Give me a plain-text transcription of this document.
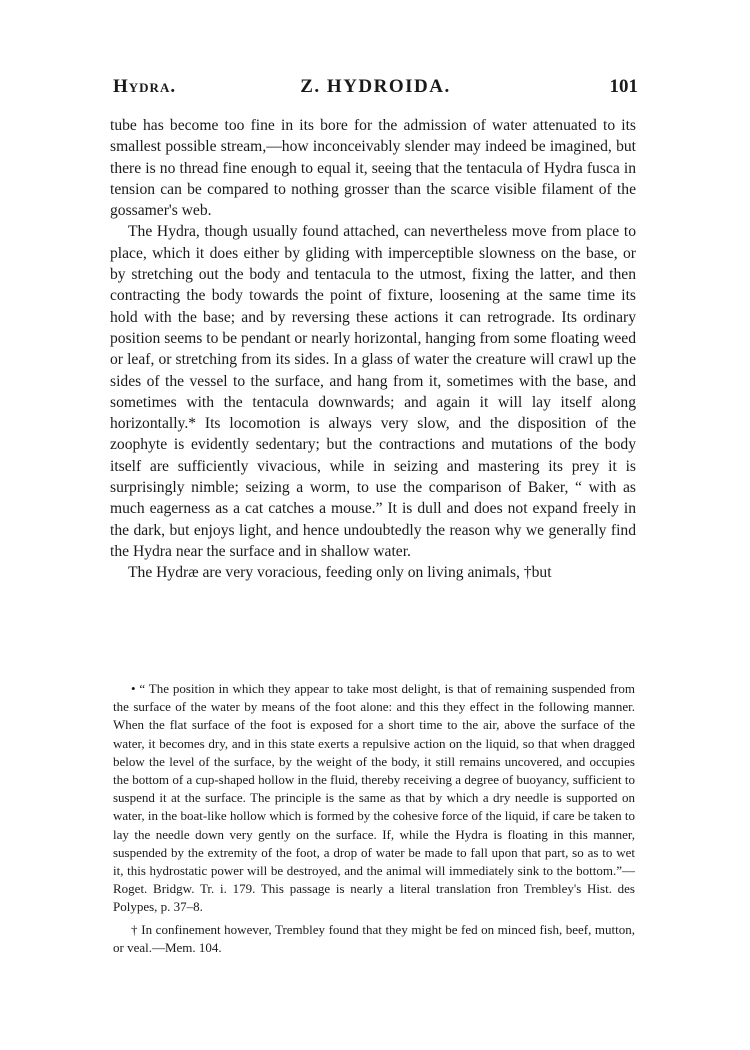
Hydra.	Z. HYDROIDA.	101

tube has become too fine in its bore for the admission of water attenuated to its smallest possible stream,—how inconceivably slender may indeed be imagined, but there is no thread fine enough to equal it, seeing that the tentacula of Hydra fusca in tension can be compared to nothing grosser than the scarce visible filament of the gossamer's web.

The Hydra, though usually found attached, can nevertheless move from place to place, which it does either by gliding with imperceptible slowness on the base, or by stretching out the body and tentacula to the utmost, fixing the latter, and then contracting the body towards the point of fixture, loosening at the same time its hold with the base; and by reversing these actions it can retrograde. Its ordinary position seems to be pendant or nearly horizontal, hanging from some floating weed or leaf, or stretching from its sides. In a glass of water the creature will crawl up the sides of the vessel to the surface, and hang from it, sometimes with the base, and sometimes with the tentacula downwards; and again it will lay itself along horizontally.* Its locomotion is always very slow, and the disposition of the zoophyte is evidently sedentary; but the contractions and mutations of the body itself are sufficiently vivacious, while in seizing and mastering its prey it is surprisingly nimble; seizing a worm, to use the comparison of Baker, “ with as much eagerness as a cat catches a mouse.” It is dull and does not expand freely in the dark, but enjoys light, and hence undoubtedly the reason why we generally find the Hydra near the surface and in shallow water.

The Hydræ are very voracious, feeding only on living animals, †but

• “ The position in which they appear to take most delight, is that of remaining suspended from the surface of the water by means of the foot alone: and this they effect in the following manner. When the flat surface of the foot is exposed for a short time to the air, above the surface of the water, it becomes dry, and in this state exerts a repulsive action on the liquid, so that when dragged below the level of the surface, by the weight of the body, it still remains uncovered, and occupies the bottom of a cup-shaped hollow in the fluid, thereby receiving a degree of buoyancy, sufficient to suspend it at the surface. The principle is the same as that by which a dry needle is supported on water, in the boat-like hollow which is formed by the cohesive force of the liquid, if care be taken to lay the needle down very gently on the surface. If, while the Hydra is floating in this manner, suspended by the extremity of the foot, a drop of water be made to fall upon that part, so as to wet it, this hydrostatic power will be destroyed, and the animal will immediately sink to the bottom.”—Roget. Bridgw. Tr. i. 179. This passage is nearly a literal translation fron Trembley's Hist. des Polypes, p. 37–8.

† In confinement however, Trembley found that they might be fed on minced fish, beef, mutton, or veal.—Mem. 104.
